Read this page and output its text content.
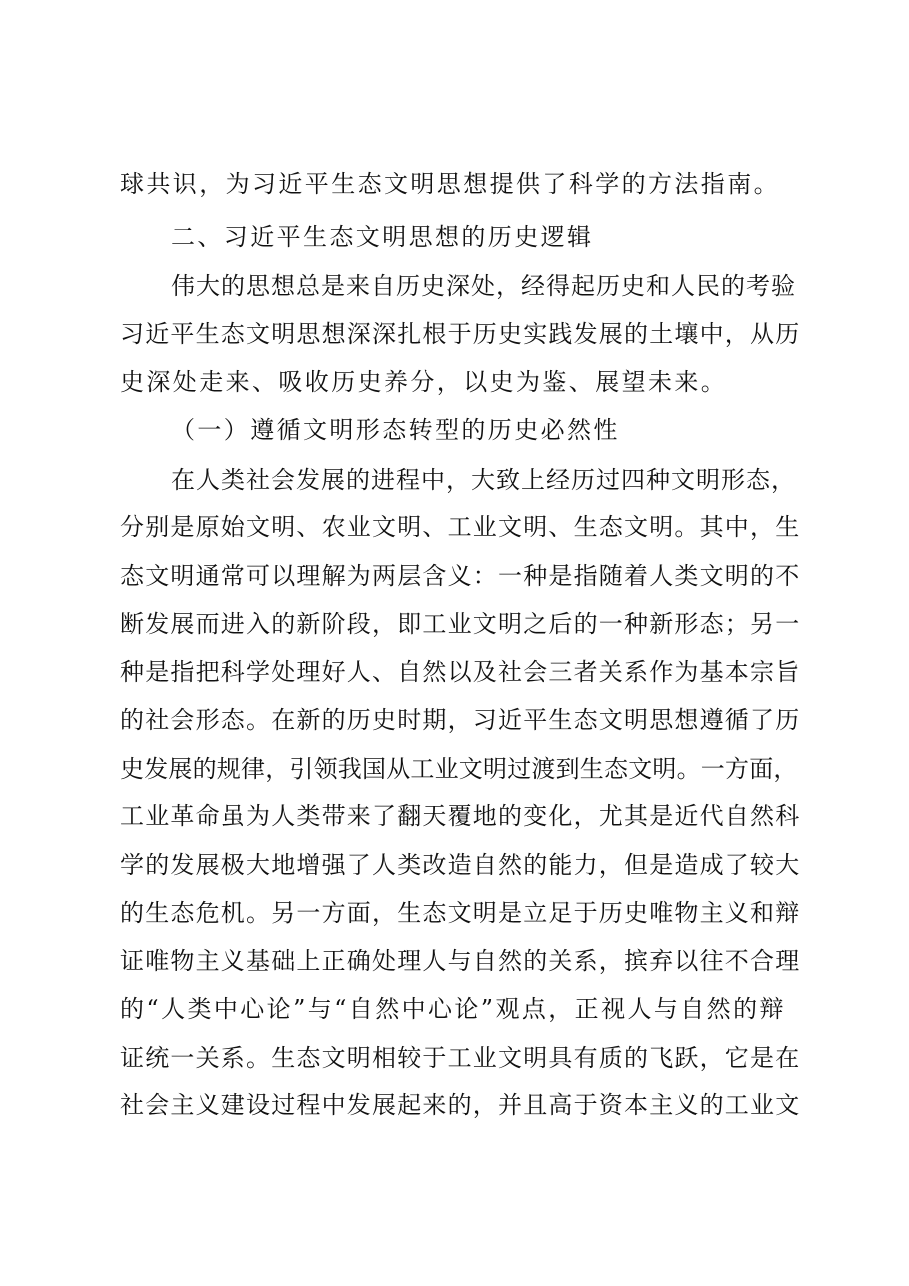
球共识，为习近平生态文明思想提供了科学的方法指南。
二、习近平生态文明思想的历史逻辑
伟大的思想总是来自历史深处，经得起历史和人民的考验
习近平生态文明思想深深扎根于历史实践发展的土壤中，从历
史深处走来、吸收历史养分，以史为鉴、展望未来。
（一）遵循文明形态转型的历史必然性
在人类社会发展的进程中，大致上经历过四种文明形态，
分别是原始文明、农业文明、工业文明、生态文明。其中，生
态文明通常可以理解为两层含义：一种是指随着人类文明的不
断发展而进入的新阶段，即工业文明之后的一种新形态；另一
种是指把科学处理好人、自然以及社会三者关系作为基本宗旨
的社会形态。在新的历史时期，习近平生态文明思想遵循了历
史发展的规律，引领我国从工业文明过渡到生态文明。一方面，
工业革命虽为人类带来了翻天覆地的变化，尤其是近代自然科
学的发展极大地增强了人类改造自然的能力，但是造成了较大
的生态危机。另一方面，生态文明是立足于历史唯物主义和辩
证唯物主义基础上正确处理人与自然的关系，摈弃以往不合理
的“人类中心论”与“自然中心论”观点，正视人与自然的辩
证统一关系。生态文明相较于工业文明具有质的飞跃，它是在
社会主义建设过程中发展起来的，并且高于资本主义的工业文
